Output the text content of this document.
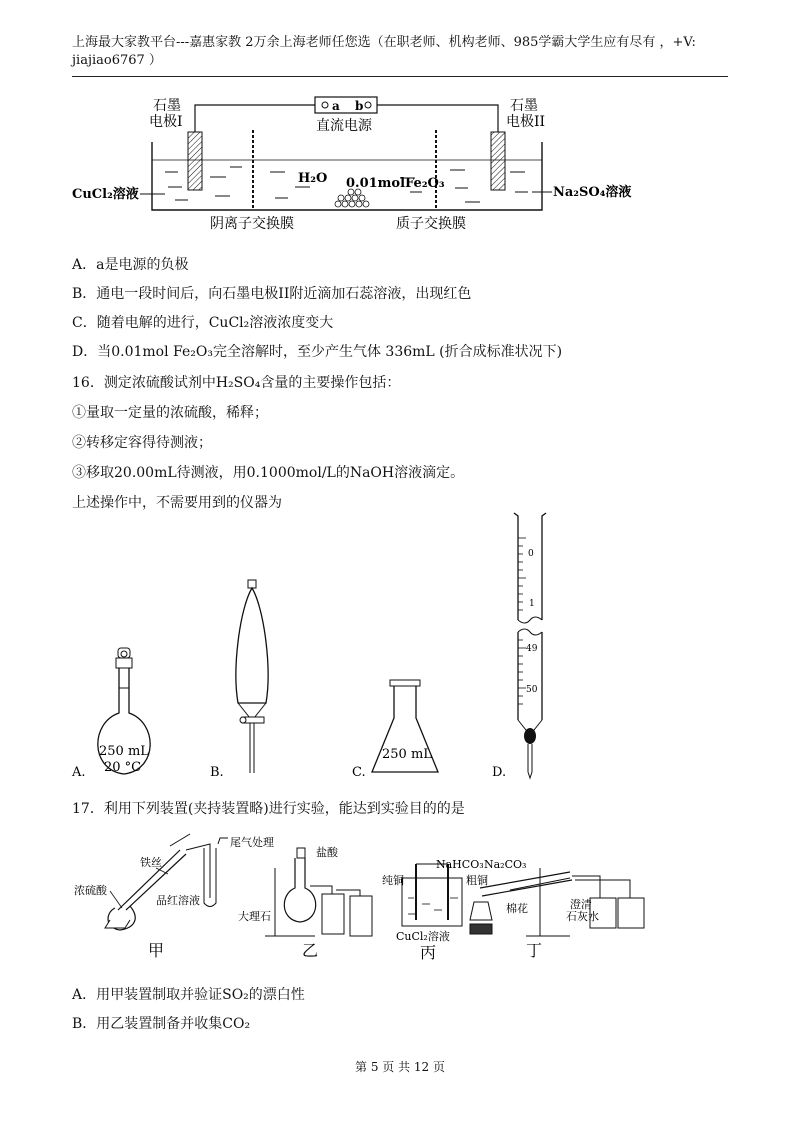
上海最大家教平台---嘉惠家教 2万余上海老师任您选（在职老师、机构老师、985学霸大学生应有尽有 ，+V:
jiajiao6767 ）
a b
直流电源
石墨
电极I
石墨
电极II
H₂O 0.01molFe₂O₃
CuCl₂溶液	Na₂SO₄溶液
阴离子交换膜	质子交换膜
A．a是电源的负极
B．通电一段时间后，向石墨电极II附近滴加石蕊溶液，出现红色
C．随着电解的进行，CuCl₂溶液浓度变大
D．当0.01mol Fe₂O₃完全溶解时，至少产生气体 336mL (折合成标准状况下)
16．测定浓硫酸试剂中H₂SO₄含量的主要操作包括：
①量取一定量的浓硫酸，稀释；
②转移定容得待测液；
③移取20.00mL待测液，用0.1000mol/L的NaOH溶液滴定。
上述操作中，不需要用到的仪器为
250 mL
20 °C
A.	B.
250 mL
C.
0
1
49
50
D.
17．利用下列装置(夹持装置略)进行实验，能达到实验目的的是
铁丝
尾气处理
浓硫酸
品红溶液
甲
盐酸
大理石
乙
纯铜	粗铜
CuCl₂溶液
丙
NaHCO₃ Na₂CO₃
棉花	澄清
石灰水
丁
A．用甲装置制取并验证SO₂的漂白性
B．用乙装置制备并收集CO₂
第 5 页 共 12 页
